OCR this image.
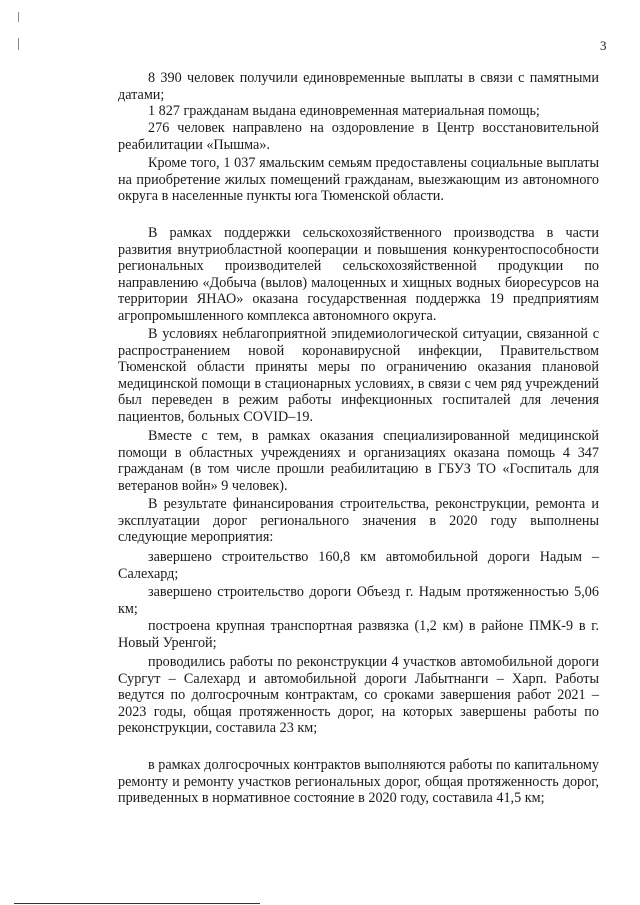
3

8 390 человек получили единовременные выплаты в связи с памятными датами;

1 827 гражданам выдана единовременная материальная помощь;

276 человек направлено на оздоровление в Центр восстановительной реабилитации «Пышма».

Кроме того, 1 037 ямальским семьям предоставлены социальные выплаты на приобретение жилых помещений гражданам, выезжающим из автономного округа в населенные пункты юга Тюменской области.

В рамках поддержки сельскохозяйственного производства в части развития внутриобластной кооперации и повышения конкурентоспособности региональных производителей сельскохозяйственной продукции по направлению «Добыча (вылов) малоценных и хищных водных биоресурсов на территории ЯНАО» оказана государственная поддержка 19 предприятиям агропромышленного комплекса автономного округа.

В условиях неблагоприятной эпидемиологической ситуации, связанной с распространением новой коронавирусной инфекции, Правительством Тюменской области приняты меры по ограничению оказания плановой медицинской помощи в стационарных условиях, в связи с чем ряд учреждений был переведен в режим работы инфекционных госпиталей для лечения пациентов, больных COVID–19.

Вместе с тем, в рамках оказания специализированной медицинской помощи в областных учреждениях и организациях оказана помощь 4 347 гражданам (в том числе прошли реабилитацию в ГБУЗ ТО «Госпиталь для ветеранов войн» 9 человек).

В результате финансирования строительства, реконструкции, ремонта и эксплуатации дорог регионального значения в 2020 году выполнены следующие мероприятия:

завершено строительство 160,8 км автомобильной дороги Надым – Салехард;

завершено строительство дороги Объезд г. Надым протяженностью 5,06 км;

построена крупная транспортная развязка (1,2 км) в районе ПМК-9 в г. Новый Уренгой;

проводились работы по реконструкции 4 участков автомобильной дороги Сургут – Салехард и автомобильной дороги Лабытнанги – Харп. Работы ведутся по долгосрочным контрактам, со сроками завершения работ 2021 – 2023 годы, общая протяженность дорог, на которых завершены работы по реконструкции, составила 23 км;

в рамках долгосрочных контрактов выполняются работы по капитальному ремонту и ремонту участков региональных дорог, общая протяженность дорог, приведенных в нормативное состояние в 2020 году, составила 41,5 км;
